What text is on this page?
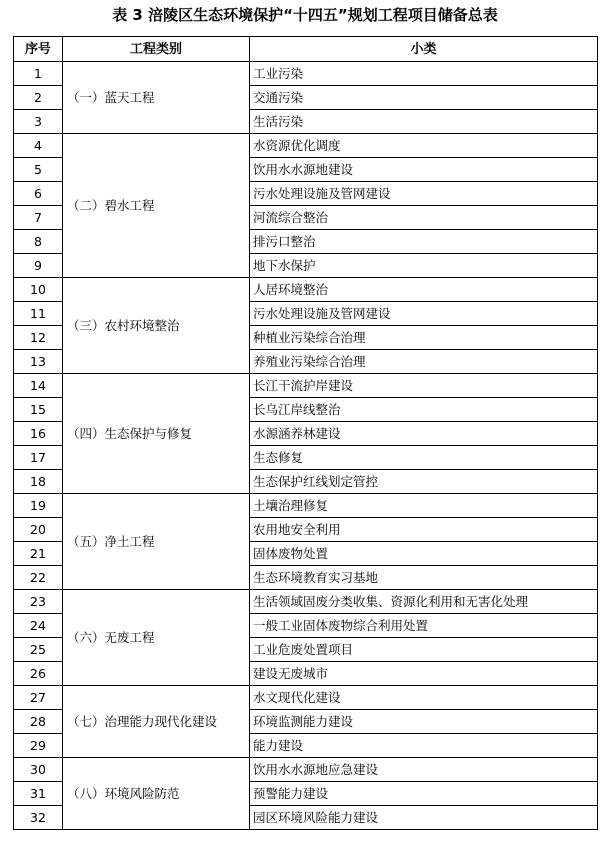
表 3 涪陵区生态环境保护“十四五”规划工程项目储备总表
序号	工程类别	小类
1	（一）蓝天工程	工业污染
2		交通污染
3		生活污染
4	（二）碧水工程	水资源优化调度
5		饮用水水源地建设
6		污水处理设施及管网建设
7		河流综合整治
8		排污口整治
9		地下水保护
10	（三）农村环境整治	人居环境整治
11		污水处理设施及管网建设
12		种植业污染综合治理
13		养殖业污染综合治理
14	（四）生态保护与修复	长江干流护岸建设
15		长乌江岸线整治
16		水源涵养林建设
17		生态修复
18		生态保护红线划定管控
19	（五）净土工程	土壤治理修复
20		农用地安全利用
21		固体废物处置
22		生态环境教育实习基地
23	（六）无废工程	生活领域固废分类收集、资源化利用和无害化处理
24		一般工业固体废物综合利用处置
25		工业危废处置项目
26		建设无废城市
27	（七）治理能力现代化建设	水文现代化建设
28		环境监测能力建设
29		能力建设
30	（八）环境风险防范	饮用水水源地应急建设
31		预警能力建设
32		园区环境风险能力建设
